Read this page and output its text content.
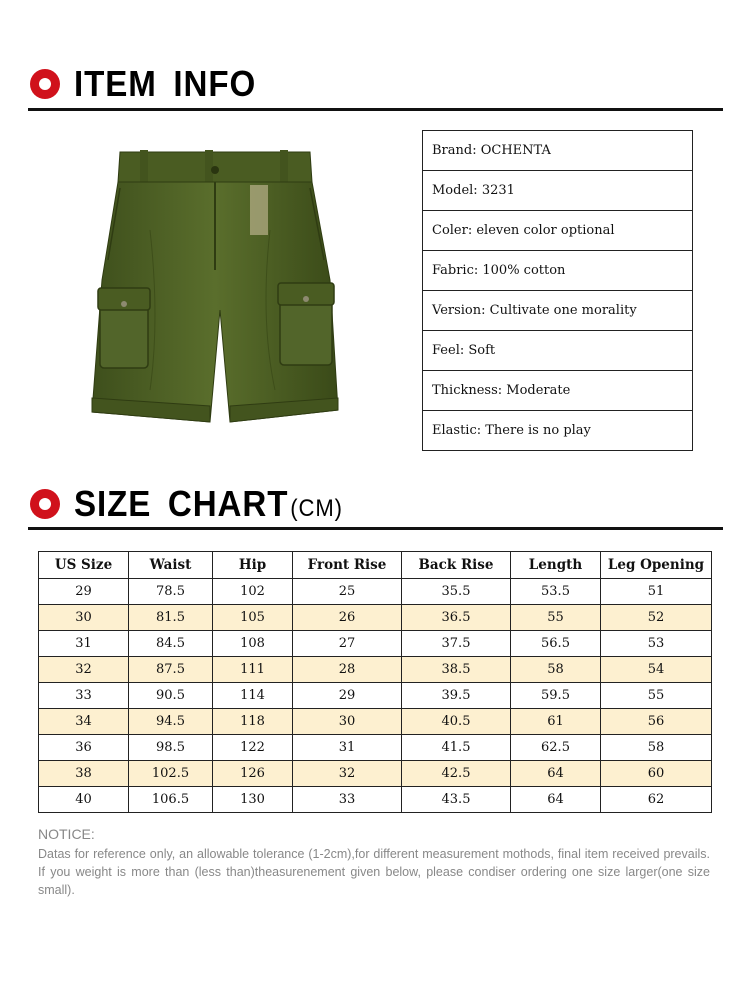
ITEM INFO
Brand: OCHENTA
Model: 3231
Coler: eleven color optional
Fabric: 100% cotton
Version: Cultivate one morality
Feel: Soft
Thickness: Moderate
Elastic: There is no play
SIZE CHART(CM)
US Size	Waist	Hip	Front Rise	Back Rise	Length	Leg Opening
29	78.5	102	25	35.5	53.5	51
30	81.5	105	26	36.5	55	52
31	84.5	108	27	37.5	56.5	53
32	87.5	111	28	38.5	58	54
33	90.5	114	29	39.5	59.5	55
34	94.5	118	30	40.5	61	56
36	98.5	122	31	41.5	62.5	58
38	102.5	126	32	42.5	64	60
40	106.5	130	33	43.5	64	62
NOTICE:
Datas for reference only, an allowable tolerance (1-2cm),for different measurement mothods, final item received prevails. If you weight is more than (less than)theasurenement given below, please condiser ordering one size larger(one size small).
